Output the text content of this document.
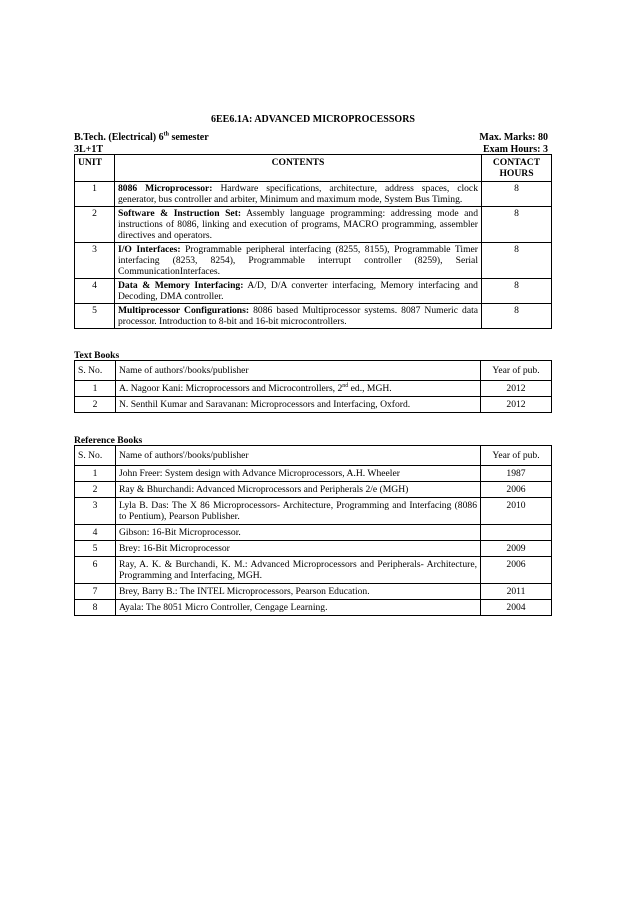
6EE6.1A: ADVANCED MICROPROCESSORS
B.Tech. (Electrical) 6th semester	Max. Marks: 80
3L+1T	Exam Hours: 3
UNIT	CONTENTS	CONTACT
HOURS
1	8086 Microprocessor: Hardware specifications, architecture, address spaces, clock generator, bus controller and arbiter, Minimum and maximum mode, System Bus Timing.	8
2	Software & Instruction Set: Assembly language programming: addressing mode and instructions of 8086, linking and execution of programs, MACRO programming, assembler directives and operators.	8
3	I/O Interfaces: Programmable peripheral interfacing (8255, 8155), Programmable Timer interfacing (8253, 8254), Programmable interrupt controller (8259), Serial CommunicationInterfaces.	8
4	Data & Memory Interfacing: A/D, D/A converter interfacing, Memory interfacing and Decoding, DMA controller.	8
5	Multiprocessor Configurations: 8086 based Multiprocessor systems. 8087 Numeric data processor. Introduction to 8-bit and 16-bit microcontrollers.	8
Text Books
S. No.	Name of authors'/books/publisher	Year of pub.
1	A. Nagoor Kani: Microprocessors and Microcontrollers, 2nd ed., MGH.	2012
2	N. Senthil Kumar and Saravanan: Microprocessors and Interfacing, Oxford.	2012
Reference Books
S. No.	Name of authors'/books/publisher	Year of pub.
1	John Freer: System design with Advance Microprocessors, A.H. Wheeler	1987
2	Ray & Bhurchandi: Advanced Microprocessors and Peripherals 2/e (MGH)	2006
3	Lyla B. Das: The X 86 Microprocessors- Architecture, Programming and Interfacing (8086 to Pentium), Pearson Publisher.	2010
4	Gibson: 16-Bit Microprocessor.	
5	Brey: 16-Bit Microprocessor	2009
6	Ray, A. K. & Burchandi, K. M.: Advanced Microprocessors and Peripherals- Architecture, Programming and Interfacing, MGH.	2006
7	Brey, Barry B.: The INTEL Microprocessors, Pearson Education.	2011
8	Ayala: The 8051 Micro Controller, Cengage Learning.	2004
